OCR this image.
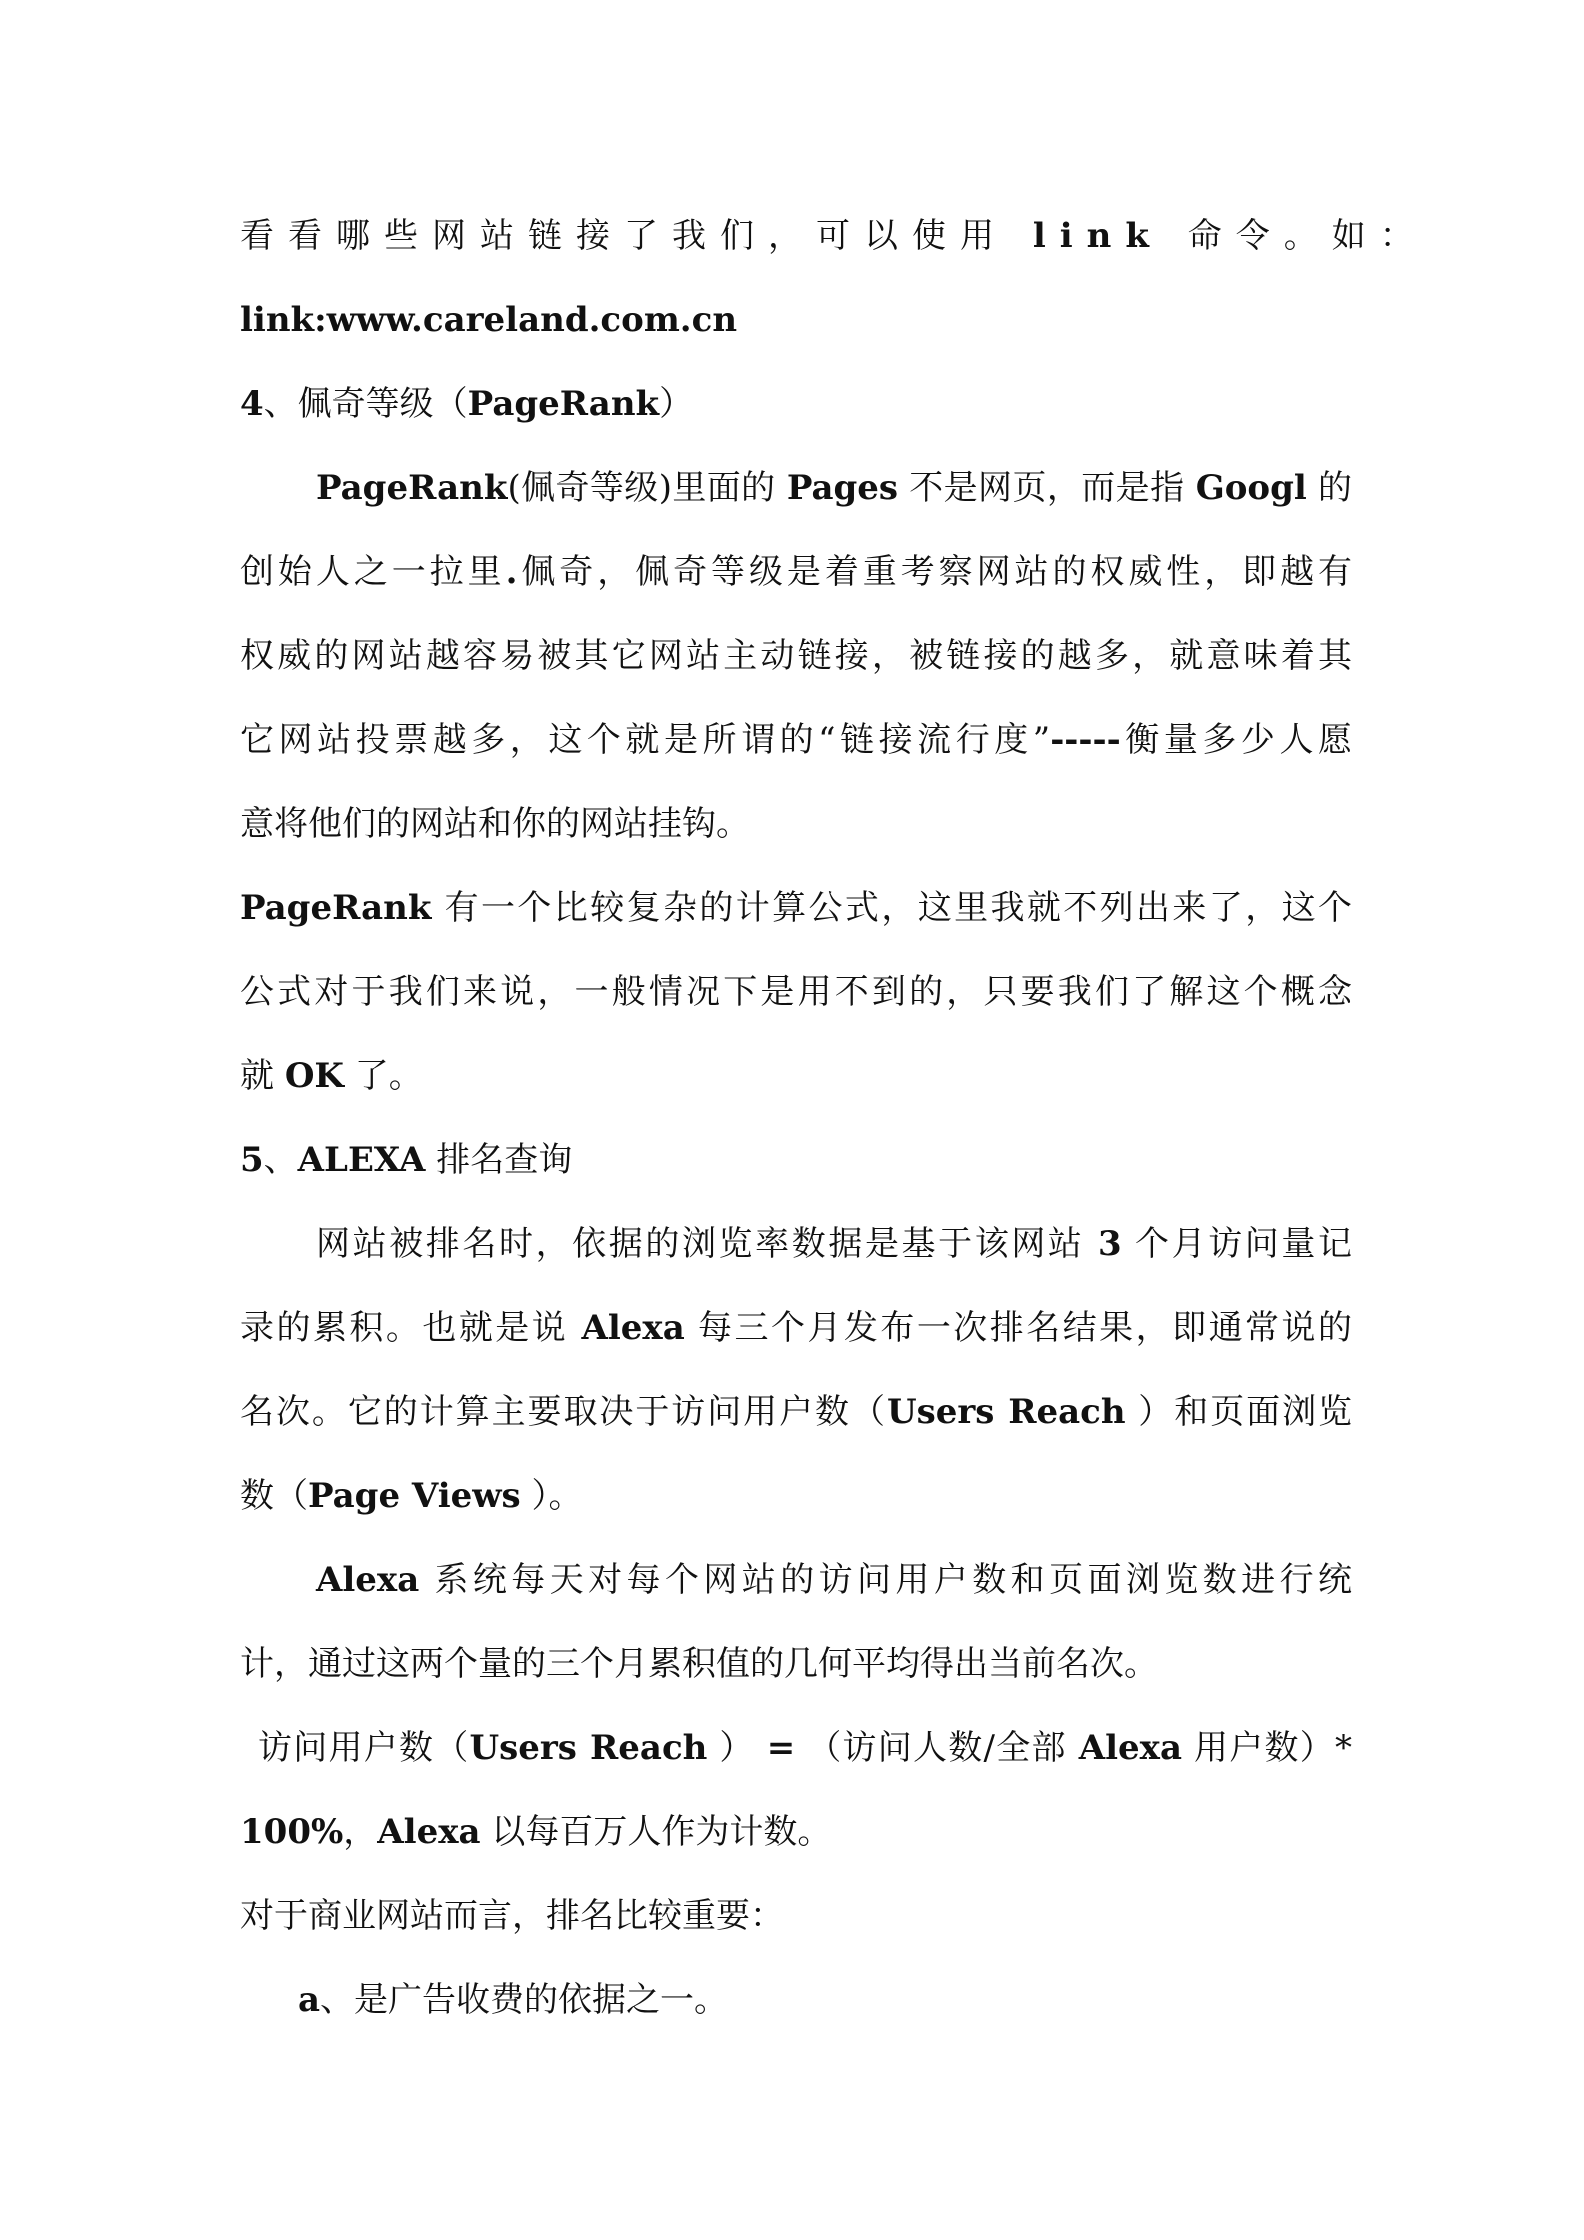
看看哪些网站链接了我们，可以使用 link 命令。如：
link:www.careland.com.cn
4、佩奇等级（PageRank）
PageRank(佩奇等级)里面的 Pages 不是网页，而是指 Googl 的
创始人之一拉里.佩奇，佩奇等级是着重考察网站的权威性，即越有
权威的网站越容易被其它网站主动链接，被链接的越多，就意味着其
它网站投票越多，这个就是所谓的“链接流行度”-----衡量多少人愿
意将他们的网站和你的网站挂钩。
PageRank 有一个比较复杂的计算公式，这里我就不列出来了，这个
公式对于我们来说，一般情况下是用不到的，只要我们了解这个概念
就 OK 了。
5、ALEXA 排名查询
网站被排名时，依据的浏览率数据是基于该网站 3 个月访问量记
录的累积。也就是说 Alexa 每三个月发布一次排名结果，即通常说的
名次。它的计算主要取决于访问用户数（Users Reach ）和页面浏览
数（Page Views ）。
Alexa 系统每天对每个网站的访问用户数和页面浏览数进行统
计，通过这两个量的三个月累积值的几何平均得出当前名次。
访问用户数（Users Reach ） = （访问人数/全部 Alexa 用户数）*
100%，Alexa 以每百万人作为计数。
对于商业网站而言，排名比较重要：
a、是广告收费的依据之一。
